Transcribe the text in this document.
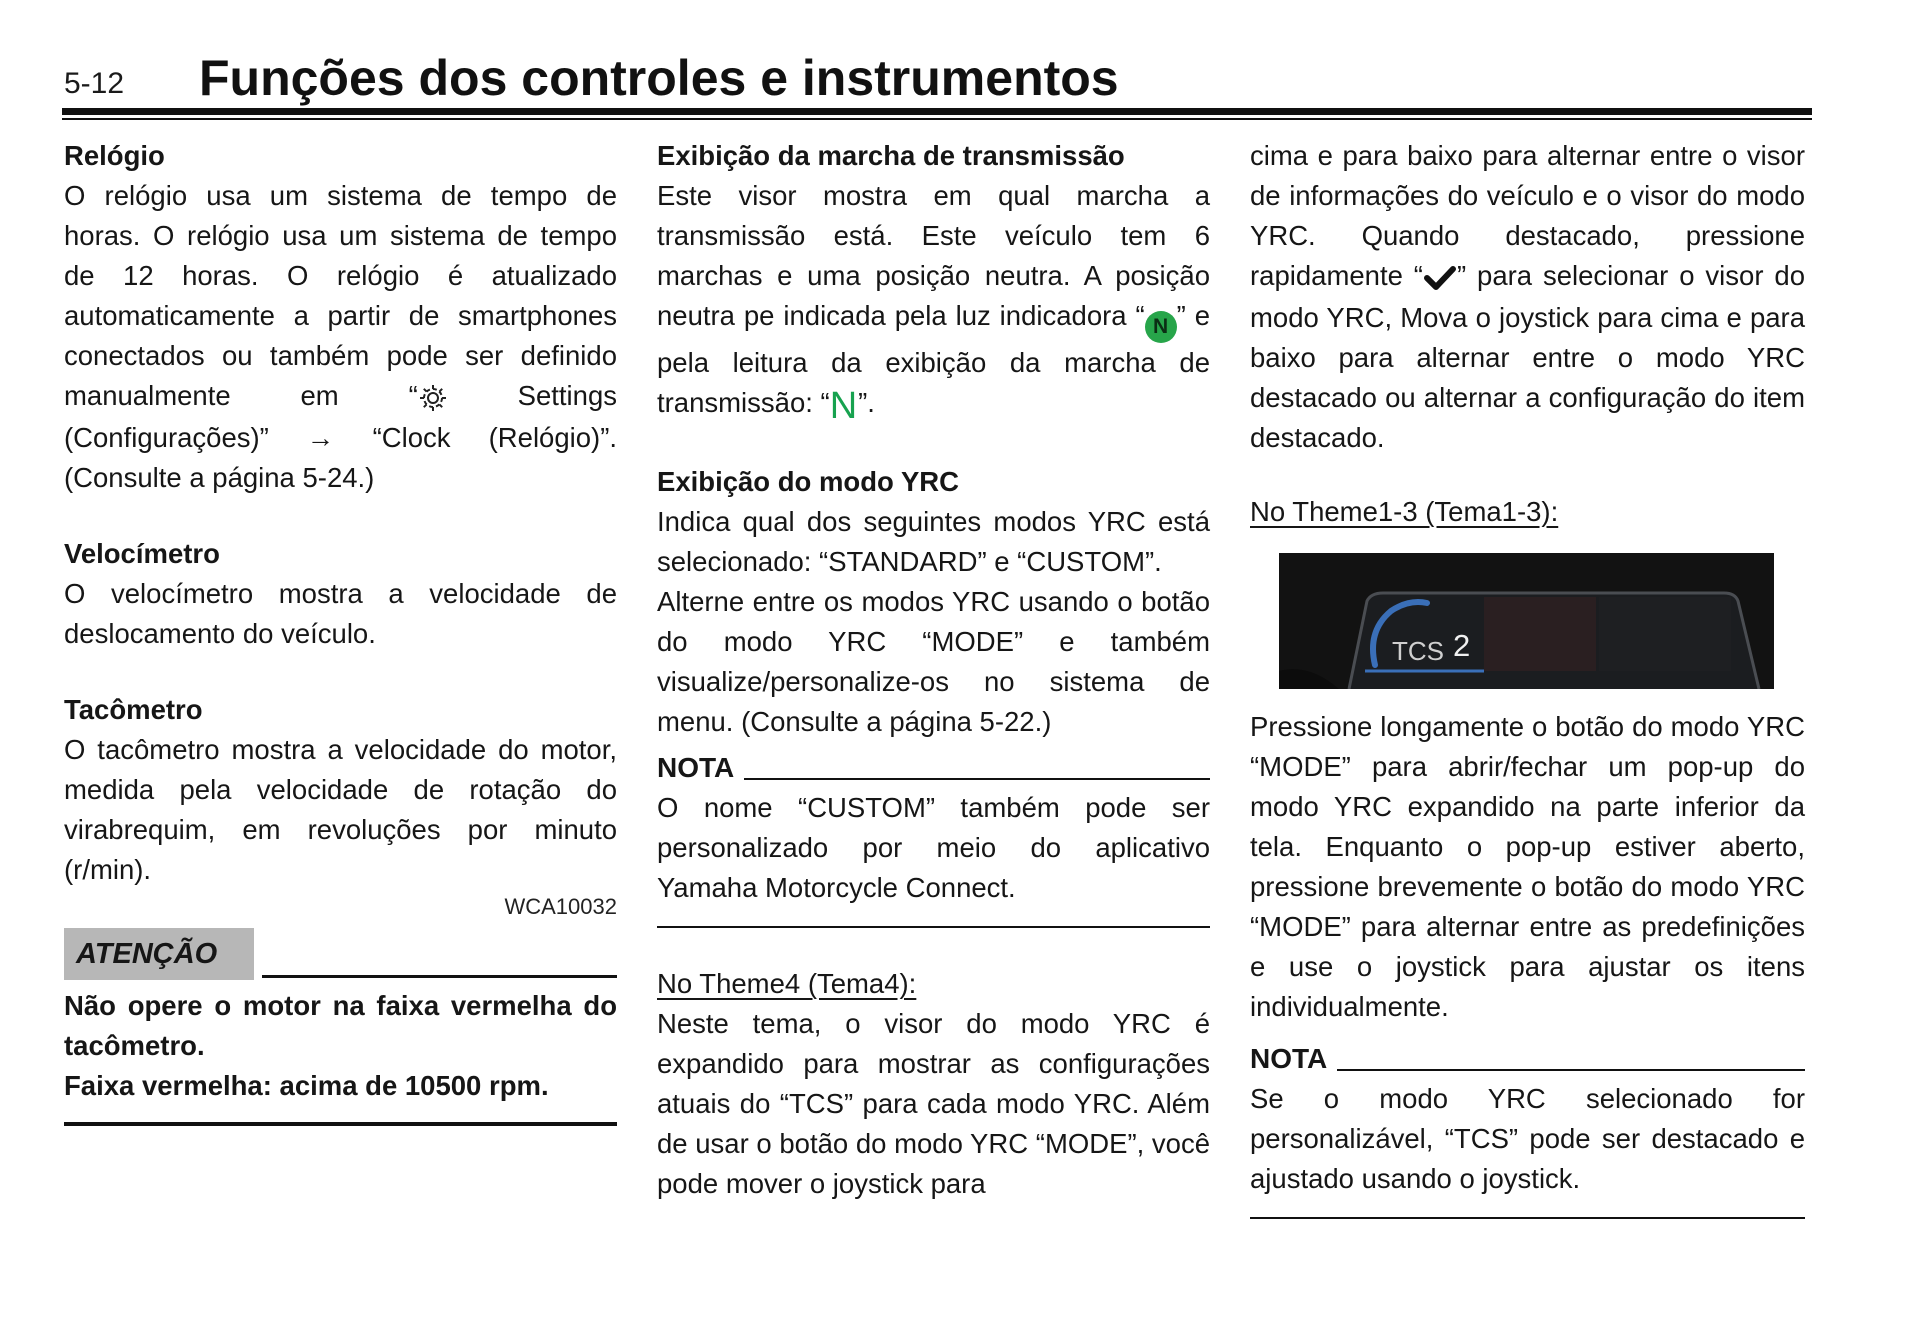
5-12 Funções dos controles e instrumentos
Relógio

O relógio usa um sistema de tempo de horas. O relógio usa um sistema de tempo de 12 horas. O relógio é atualizado automaticamente a partir de smartphones conectados ou também pode ser definido manualmente em “ Settings (Configurações)” → “Clock (Relógio)”. (Consulte a página 5-24.)

Velocímetro

O velocímetro mostra a velocidade de deslocamento do veículo.

Tacômetro

O tacômetro mostra a velocidade do motor, medida pela velocidade de rotação do virabrequim, em revoluções por minuto (r/min).

WCA10032
ATENÇÃO

Não opere o motor na faixa vermelha do tacômetro.

Faixa vermelha: acima de 10500 rpm.

Exibição da marcha de transmissão

Este visor mostra em qual marcha a transmissão está. Este veículo tem 6 marchas e uma posição neutra. A posição neutra pe indicada pela luz indicadora “ N ” e pela leitura da exibição da marcha de transmissão: “N”.

Exibição do modo YRC

Indica qual dos seguintes modos YRC está selecionado: “STANDARD” e “CUSTOM”.

Alterne entre os modos YRC usando o botão do modo YRC “MODE” e também visualize/personalize-os no sistema de menu. (Consulte a página 5-22.)

NOTA

O nome “CUSTOM” também pode ser personalizado por meio do aplicativo Yamaha Motorcycle Connect.

No Theme4 (Tema4):

Neste tema, o visor do modo YRC é expandido para mostrar as configurações atuais do “TCS” para cada modo YRC. Além de usar o botão do modo YRC “MODE”, você pode mover o joystick para

cima e para baixo para alternar entre o visor de informações do veículo e o visor do modo YRC. Quando destacado, pressione rapidamente “ ” para selecionar o visor do modo YRC, Mova o joystick para cima e para baixo para alternar entre o modo YRC destacado ou alternar a configuração do item destacado.

No Theme1-3 (Tema1-3):

TCS 2

Pressione longamente o botão do modo YRC “MODE” para abrir/fechar um pop-up do modo YRC expandido na parte inferior da tela. Enquanto o pop-up estiver aberto, pressione brevemente o botão do modo YRC “MODE” para alternar entre as predefinições e use o joystick para ajustar os itens individualmente.

NOTA

Se o modo YRC selecionado for personalizável, “TCS” pode ser destacado e ajustado usando o joystick.
